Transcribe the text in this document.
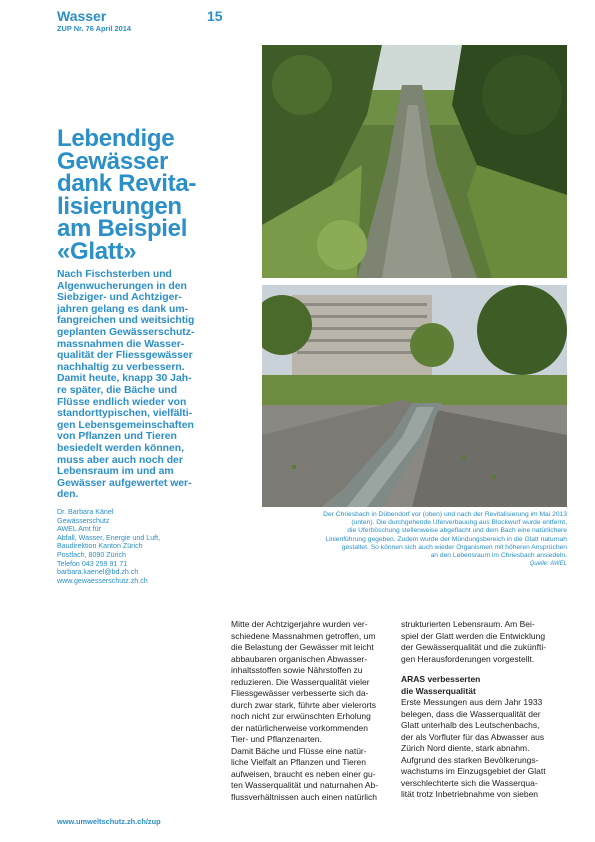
Wasser
ZUP Nr. 76 April 2014
15
Lebendige
Gewässer
dank Revita-
lisierungen
am Beispiel
«Glatt»

Nach Fischsterben und
Algenwucherungen in den
Siebziger- und Achtziger-
jahren gelang es dank um-
fangreichen und weitsichtig
geplanten Gewässerschutz-
massnahmen die Wasser-
qualität der Fliessgewässer
nachhaltig zu verbessern.
Damit heute, knapp 30 Jah-
re später, die Bäche und
Flüsse endlich wieder von
standorttypischen, vielfälti-
gen Lebensgemeinschaften
von Pflanzen und Tieren
besiedelt werden können,
muss aber auch noch der
Lebensraum im und am
Gewässer aufgewertet wer-
den.

Dr. Barbara Känel
Gewässerschutz
AWEL Amt für
Abfall, Wasser, Energie und Luft,
Baudirektion Kanton Zürich
Postfach, 8090 Zürich
Telefon 043 259 91 71
barbara.kaenel@bd.zh.ch
www.gewaesserschutz.zh.ch

Der Chriesbach in Dübendorf vor (oben) und nach der Revitalisierung im Mai 2013
(unten). Die durchgehende Uferverbauung aus Blockwurf wurde entfernt,
die Uferböschung stellenweise abgeflacht und dem Bach eine natürlichere
Linienführung gegeben. Zudem wurde der Mündungsbereich in die Glatt naturnah
gestaltet. So können sich auch wieder Organismen mit höheren Ansprüchen
an den Lebensraum im Chriesbach ansiedeln.
Quelle: AWEL

Mitte der Achtzigerjahre wurden ver-
schiedene Massnahmen getroffen, um
die Belastung der Gewässer mit leicht
abbaubaren organischen Abwasser-
inhaltsstoffen sowie Nährstoffen zu
reduzieren. Die Wasserqualität vieler
Fliessgewässer verbesserte sich da-
durch zwar stark, führte aber vielerorts
noch nicht zur erwünschten Erholung
der natürlicherweise vorkommenden
Tier- und Pflanzenarten.
Damit Bäche und Flüsse eine natür-
liche Vielfalt an Pflanzen und Tieren
aufweisen, braucht es neben einer gu-
ten Wasserqualität und naturnahen Ab-
flussverhältnissen auch einen natürlich

strukturierten Lebensraum. Am Bei-
spiel der Glatt werden die Entwicklung
der Gewässerqualität und die zukünfti-
gen Herausforderungen vorgestellt.
ARAS verbesserten
die Wasserqualität
Erste Messungen aus dem Jahr 1933
belegen, dass die Wasserqualität der
Glatt unterhalb des Leutschenbachs,
der als Vorfluter für das Abwasser aus
Zürich Nord diente, stark abnahm.
Aufgrund des starken Bevölkerungs-
wachstums im Einzugsgebiet der Glatt
verschlechterte sich die Wasserqua-
lität trotz Inbetriebnahme von sieben
www.umweltschutz.zh.ch/zup
